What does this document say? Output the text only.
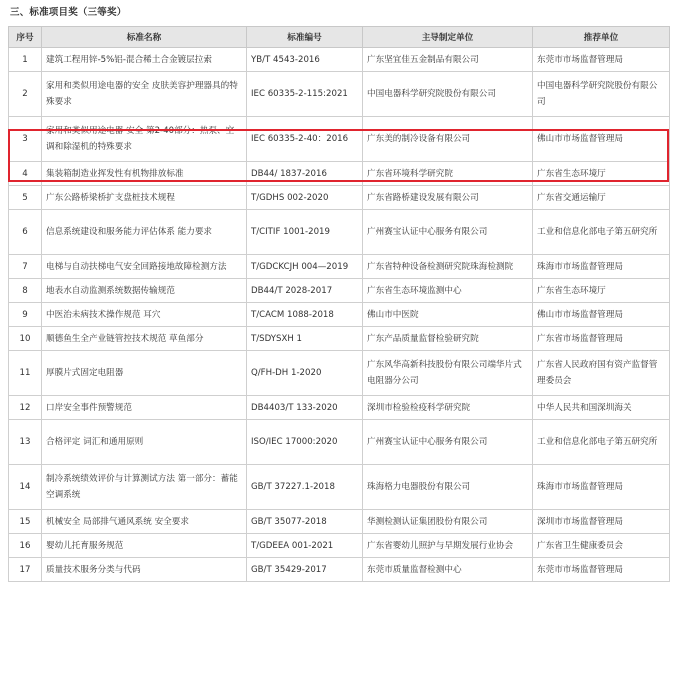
三、标准项目奖（三等奖）
序号	标准名称	标准编号	主导制定单位	推荐单位
1	建筑工程用锌-5%铝-混合稀土合金镀层拉索	YB/T 4543-2016	广东坚宜佳五金制品有限公司	东莞市市场监督管理局
2	家用和类似用途电器的安全 皮肤美容护理器具的特殊要求	IEC 60335-2-115:2021	中国电器科学研究院股份有限公司	中国电器科学研究院股份有限公司
3	家用和类似用途电器 安全 第2-40部分：热泵、空调和除湿机的特殊要求	IEC 60335-2-40：2016	广东美的制冷设备有限公司	佛山市市场监督管理局
4	集装箱制造业挥发性有机物排放标准	DB44/ 1837-2016	广东省环境科学研究院	广东省生态环境厅
5	广东公路桥梁桥扩支盘桩技术规程	T/GDHS 002-2020	广东省路桥建设发展有限公司	广东省交通运输厅
6	信息系统建设和服务能力评估体系 能力要求	T/CITIF 1001-2019	广州赛宝认证中心服务有限公司	工业和信息化部电子第五研究所
7	电梯与自动扶梯电气安全回路接地故障检测方法	T/GDCKCJH 004—2019	广东省特种设备检测研究院珠海检测院	珠海市市场监督管理局
8	地表水自动监测系统数据传输规范	DB44/T 2028-2017	广东省生态环境监测中心	广东省生态环境厅
9	中医治未病技术操作规范 耳穴	T/CACM 1088-2018	佛山市中医院	佛山市市场监督管理局
10	顺德鱼生全产业链管控技术规范 草鱼部分	T/SDYSXH 1	广东产品质量监督检验研究院	广东省市场监督管理局
11	厚膜片式固定电阻器	Q/FH-DH 1-2020	广东风华高新科技股份有限公司端华片式电阻器分公司	广东省人民政府国有资产监督管理委员会
12	口岸安全事件预警规范	DB4403/T 133-2020	深圳市检验检疫科学研究院	中华人民共和国深圳海关
13	合格评定 词汇和通用原则	ISO/IEC 17000:2020	广州赛宝认证中心服务有限公司	工业和信息化部电子第五研究所
14	制冷系统绩效评价与计算测试方法 第一部分：蓄能空调系统	GB/T 37227.1-2018	珠海格力电器股份有限公司	珠海市市场监督管理局
15	机械安全 局部排气通风系统 安全要求	GB/T 35077-2018	华测检测认证集团股份有限公司	深圳市市场监督管理局
16	婴幼儿托育服务规范	T/GDEEA 001-2021	广东省婴幼儿照护与早期发展行业协会	广东省卫生健康委员会
17	质量技术服务分类与代码	GB/T 35429-2017	东莞市质量监督检测中心	东莞市市场监督管理局
